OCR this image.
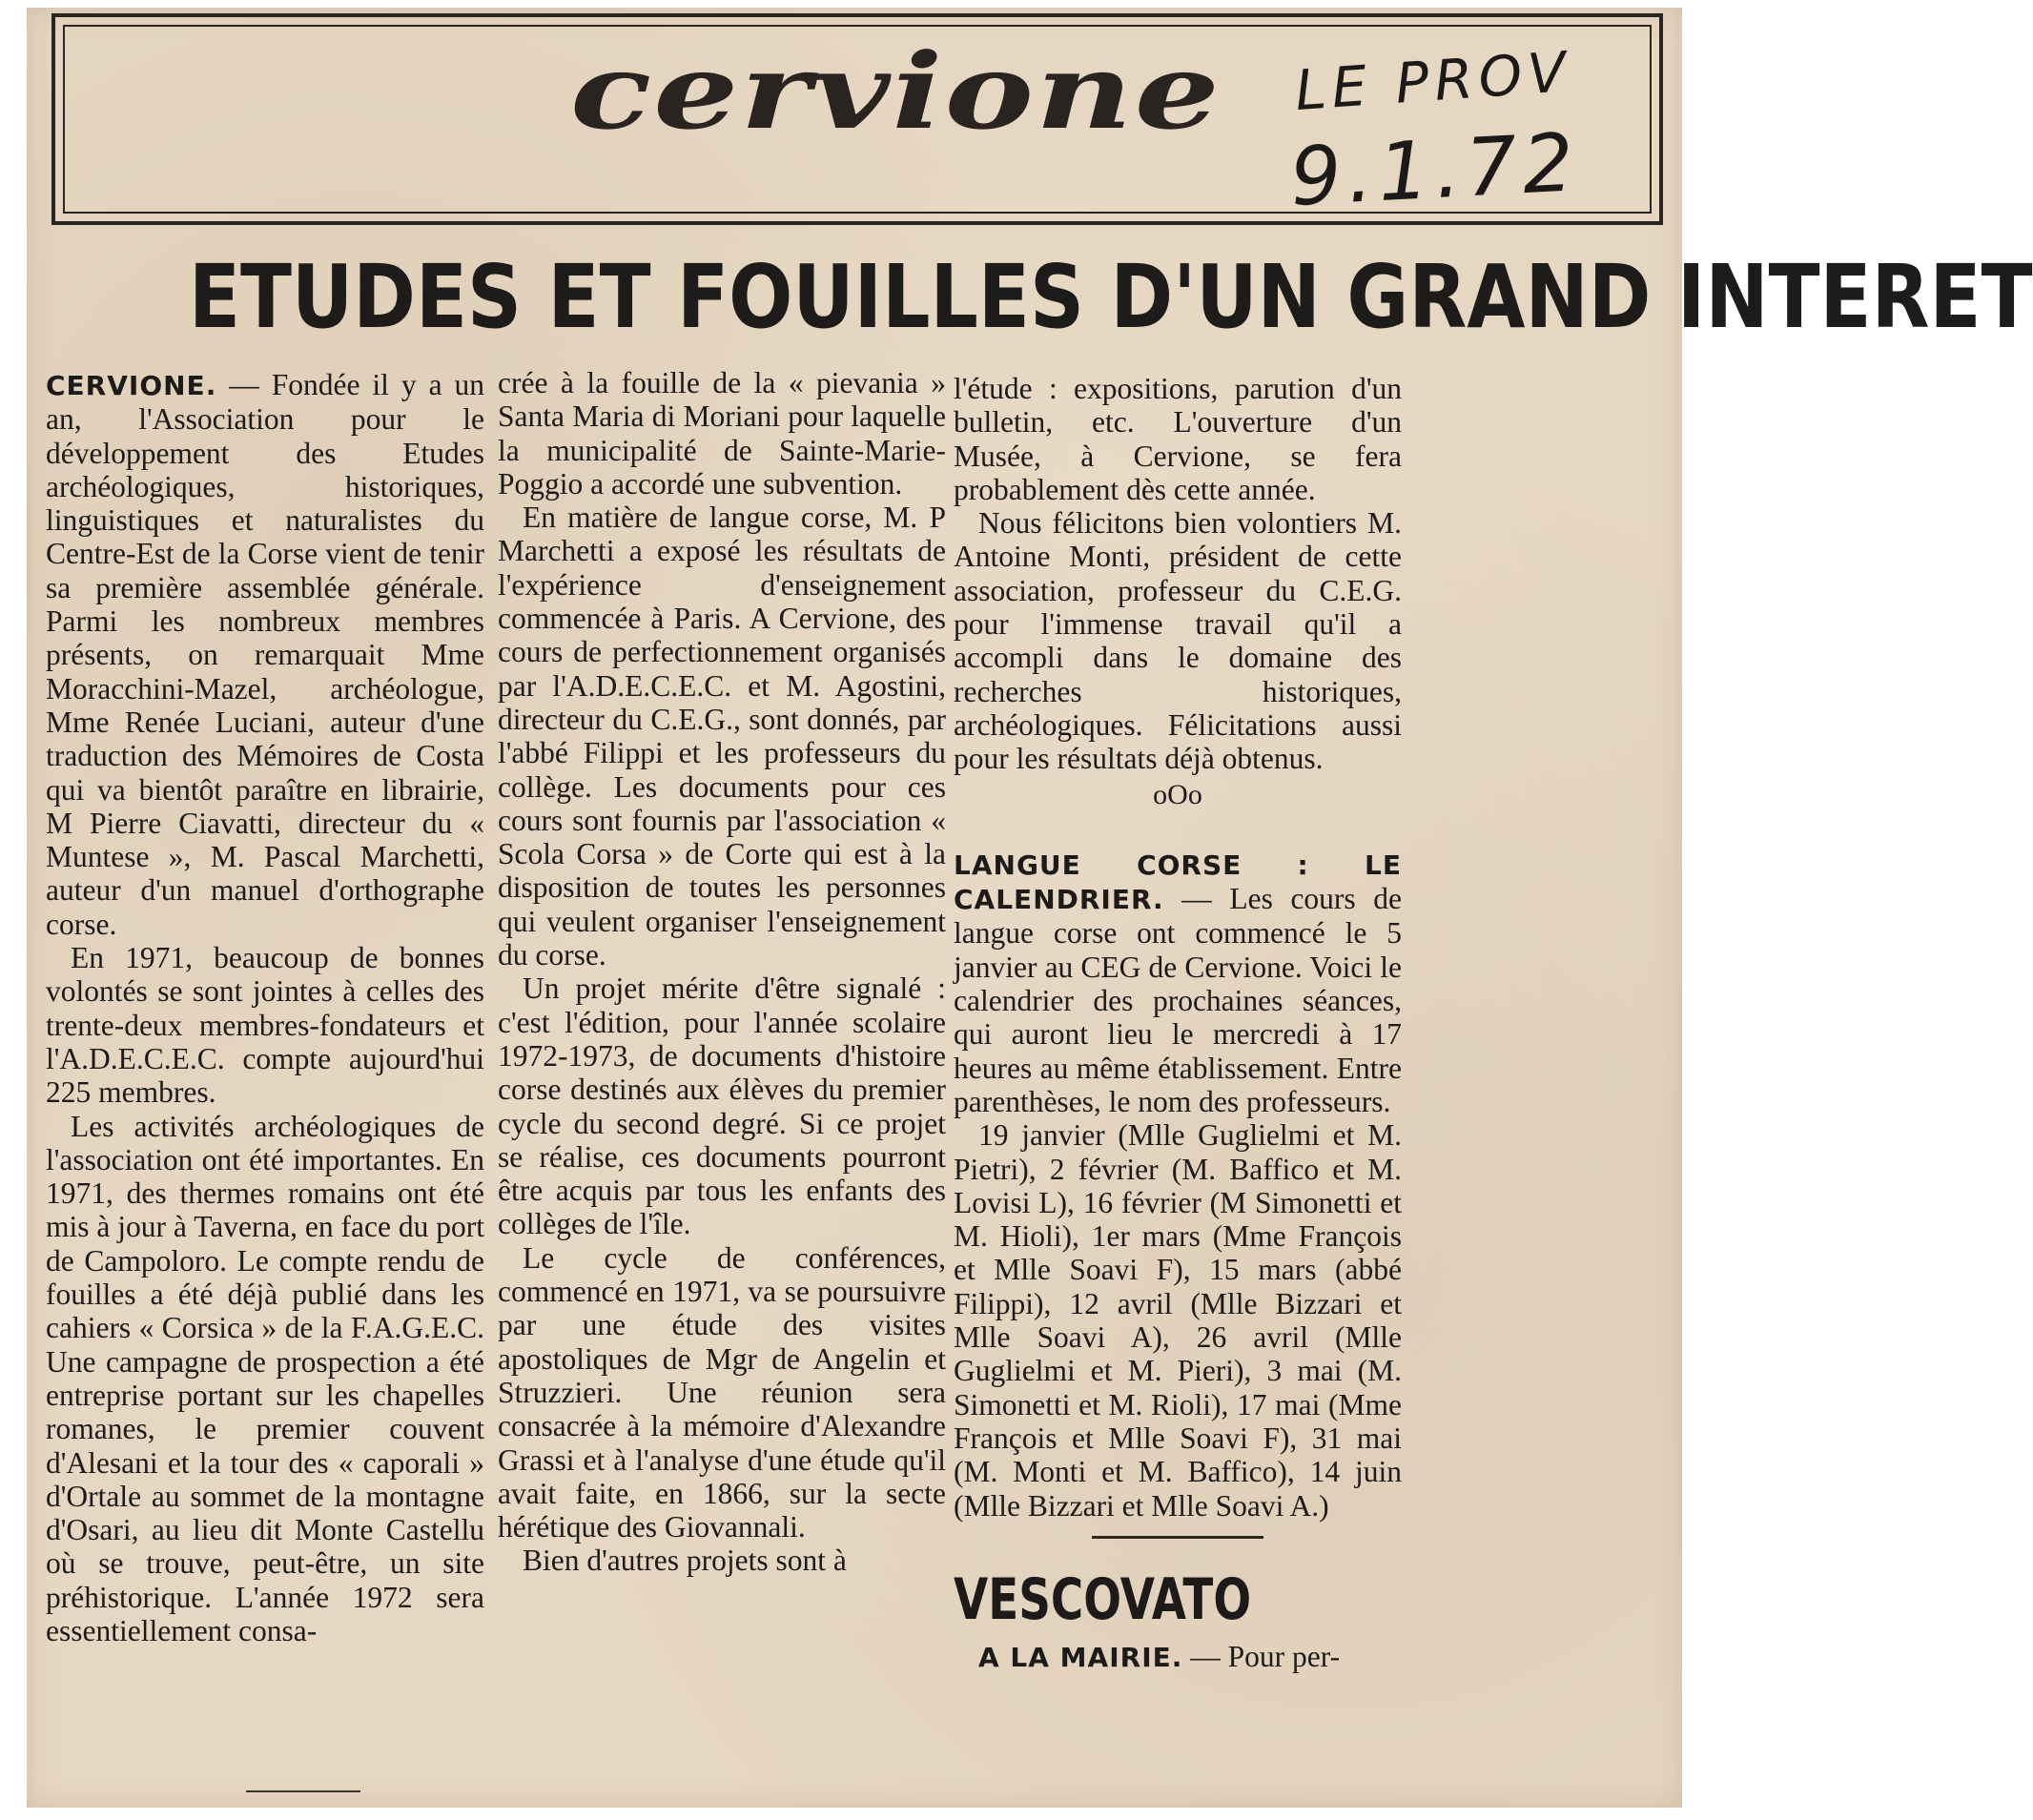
cervione LE PROV
9.1.72
ETUDES ET FOUILLES D'UN GRAND INTERET

CERVIONE. — Fondée il y a un an, l'Association pour le développement des Etudes archéologiques, historiques, linguistiques et naturalistes du Centre-Est de la Corse vient de tenir sa première assemblée générale. Parmi les nombreux membres présents, on remarquait Mme Moracchini-Mazel, archéologue, Mme Renée Luciani, auteur d'une traduction des Mémoires de Costa qui va bientôt paraître en librairie, M Pierre Ciavatti, directeur du « Muntese », M. Pascal Marchetti, auteur d'un manuel d'orthographe corse.

En 1971, beaucoup de bonnes volontés se sont jointes à celles des trente-deux membres-fondateurs et l'A.D.E.C.E.C. compte aujourd'hui 225 membres.

Les activités archéologiques de l'association ont été importantes. En 1971, des thermes romains ont été mis à jour à Taverna, en face du port de Campoloro. Le compte rendu de fouilles a été déjà publié dans les cahiers « Corsica » de la F.A.G.E.C. Une campagne de prospection a été entreprise portant sur les chapelles romanes, le premier couvent d'Alesani et la tour des « caporali » d'Ortale au sommet de la montagne d'Osari, au lieu dit Monte Castellu où se trouve, peut-être, un site préhistorique. L'année 1972 sera essentiellement consa-

crée à la fouille de la « pievania » Santa Maria di Moriani pour laquelle la municipalité de Sainte-Marie-Poggio a accordé une subvention.

En matière de langue corse, M. P Marchetti a exposé les résultats de l'expérience d'enseignement commencée à Paris. A Cervione, des cours de perfectionnement organisés par l'A.D.E.C.E.C. et M. Agostini, directeur du C.E.G., sont donnés, par l'abbé Filippi et les professeurs du collège. Les documents pour ces cours sont fournis par l'association « Scola Corsa » de Corte qui est à la disposition de toutes les personnes qui veulent organiser l'enseignement du corse.

Un projet mérite d'être signalé : c'est l'édition, pour l'année scolaire 1972-1973, de documents d'histoire corse destinés aux élèves du premier cycle du second degré. Si ce projet se réalise, ces documents pourront être acquis par tous les enfants des collèges de l'île.

Le cycle de conférences, commencé en 1971, va se poursuivre par une étude des visites apostoliques de Mgr de Angelin et Struzzieri. Une réunion sera consacrée à la mémoire d'Alexandre Grassi et à l'analyse d'une étude qu'il avait faite, en 1866, sur la secte hérétique des Giovannali.

Bien d'autres projets sont à

l'étude : expositions, parution d'un bulletin, etc. L'ouverture d'un Musée, à Cervione, se fera probablement dès cette année.

Nous félicitons bien volontiers M. Antoine Monti, président de cette association, professeur du C.E.G. pour l'immense travail qu'il a accompli dans le domaine des recherches historiques, archéologiques. Félicitations aussi pour les résultats déjà obtenus.

oOo

LANGUE CORSE : LE CALENDRIER. — Les cours de langue corse ont commencé le 5 janvier au CEG de Cervione. Voici le calendrier des prochaines séances, qui auront lieu le mercredi à 17 heures au même établissement. Entre parenthèses, le nom des professeurs.

19 janvier (Mlle Guglielmi et M. Pietri), 2 février (M. Baffico et M. Lovisi L), 16 février (M Simonetti et M. Hioli), 1er mars (Mme François et Mlle Soavi F), 15 mars (abbé Filippi), 12 avril (Mlle Bizzari et Mlle Soavi A), 26 avril (Mlle Guglielmi et M. Pieri), 3 mai (M. Simonetti et M. Rioli), 17 mai (Mme François et Mlle Soavi F), 31 mai (M. Monti et M. Baffico), 14 juin (Mlle Bizzari et Mlle Soavi A.)

VESCOVATO

A LA MAIRIE. — Pour per-
